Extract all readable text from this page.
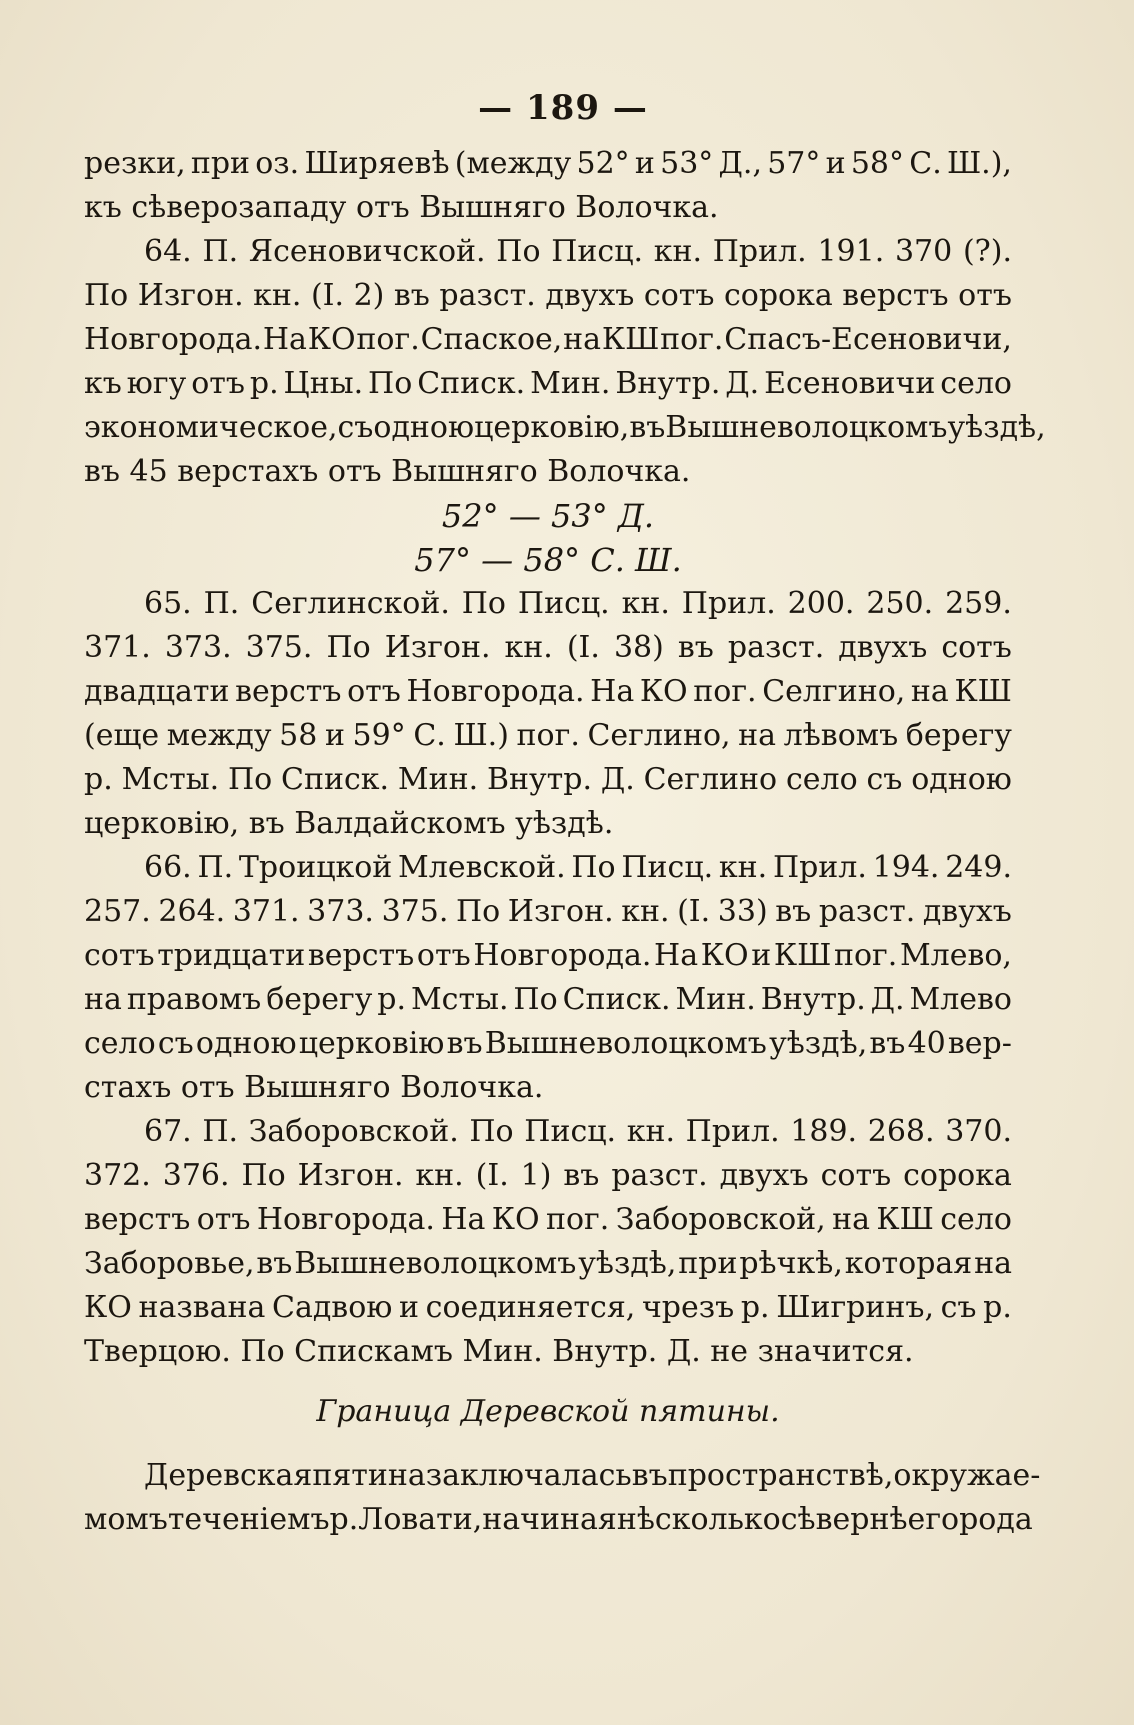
— 189 —
резки, при оз. Ширяевѣ (между 52° и 53° Д., 57° и 58° С. Ш.),
къ сѣверозападу отъ Вышняго Волочка.
64. П. Ясеновичской. По Писц. кн. Прил. 191. 370 (?).
По Изгон. кн. (I. 2) въ разст. двухъ сотъ сорока верстъ отъ
Новгорода. На КО пог. Спаское, на КШ пог. Спасъ-Есеновичи,
къ югу отъ р. Цны. По Списк. Мин. Внутр. Д. Есеновичи село
экономическое, съ одною церковiю, въ Вышневолоцкомъ уѣздѣ,
въ 45 верстахъ отъ Вышняго Волочка.
52° — 53° Д.
57° — 58° С. Ш.
65. П. Сеглинской. По Писц. кн. Прил. 200. 250. 259.
371. 373. 375. По Изгон. кн. (I. 38) въ разст. двухъ сотъ
двадцати верстъ отъ Новгорода. На КО пог. Селгино, на КШ
(еще между 58 и 59° С. Ш.) пог. Сеглино, на лѣвомъ берегу
р. Мсты. По Списк. Мин. Внутр. Д. Сеглино село съ одною
церковiю, въ Валдайскомъ уѣздѣ.
66. П. Троицкой Млевской. По Писц. кн. Прил. 194. 249.
257. 264. 371. 373. 375. По Изгон. кн. (I. 33) въ разст. двухъ
сотъ тридцати верстъ отъ Новгорода. На КО и КШ пог. Млево,
на правомъ берегу р. Мсты. По Списк. Мин. Внутр. Д. Млево
село съ одною церковiю въ Вышневолоцкомъ уѣздѣ, въ 40 вер-
стахъ отъ Вышняго Волочка.
67. П. Заборовской. По Писц. кн. Прил. 189. 268. 370.
372. 376. По Изгон. кн. (I. 1) въ разст. двухъ сотъ сорока
верстъ отъ Новгорода. На КО пог. Заборовской, на КШ село
Заборовье, въ Вышневолоцкомъ уѣздѣ, при рѣчкѣ, которая на
КО названа Садвою и соединяется, чрезъ р. Шигринъ, съ р.
Тверцою. По Спискамъ Мин. Внутр. Д. не значится.
Граница Деревской пятины.
Деревская пятина заключалась въ пространствѣ, окружае-
момъ теченiемъ р. Ловати, начиная нѣсколько сѣвернѣе города
